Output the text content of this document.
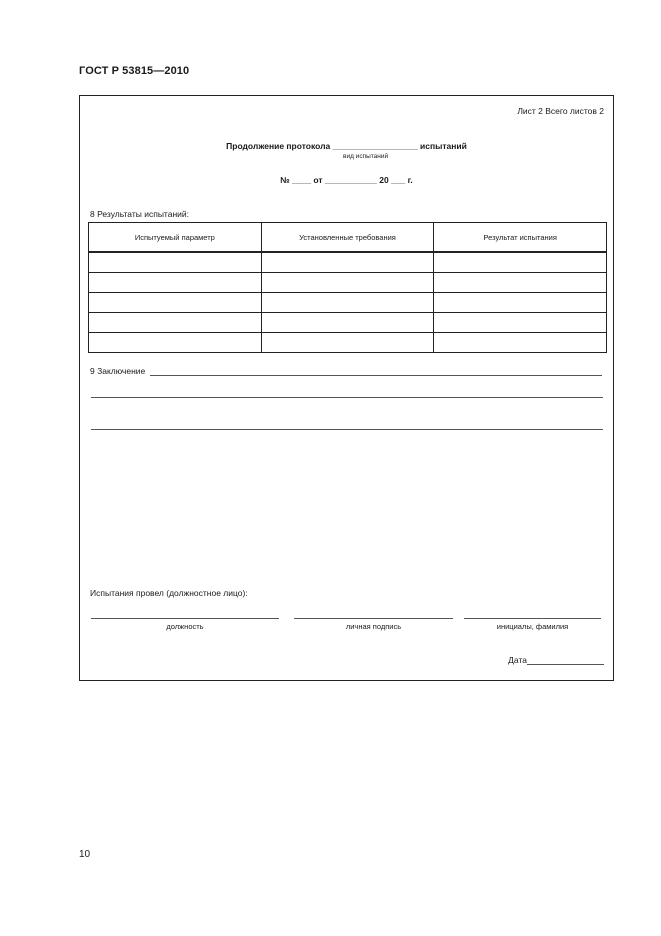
ГОСТ Р 53815—2010
Лист 2 Всего листов 2
Продолжение протокола __________________ испытаний
вид испытаний
№ ____ от ___________ 20 ___ г.
8 Результаты испытаний:
Испытуемый параметр	Установленные требования	Результат испытания

9 Заключение
Испытания провел (должностное лицо):
должность	личная подпись	инициалы, фамилия
Дата
10
